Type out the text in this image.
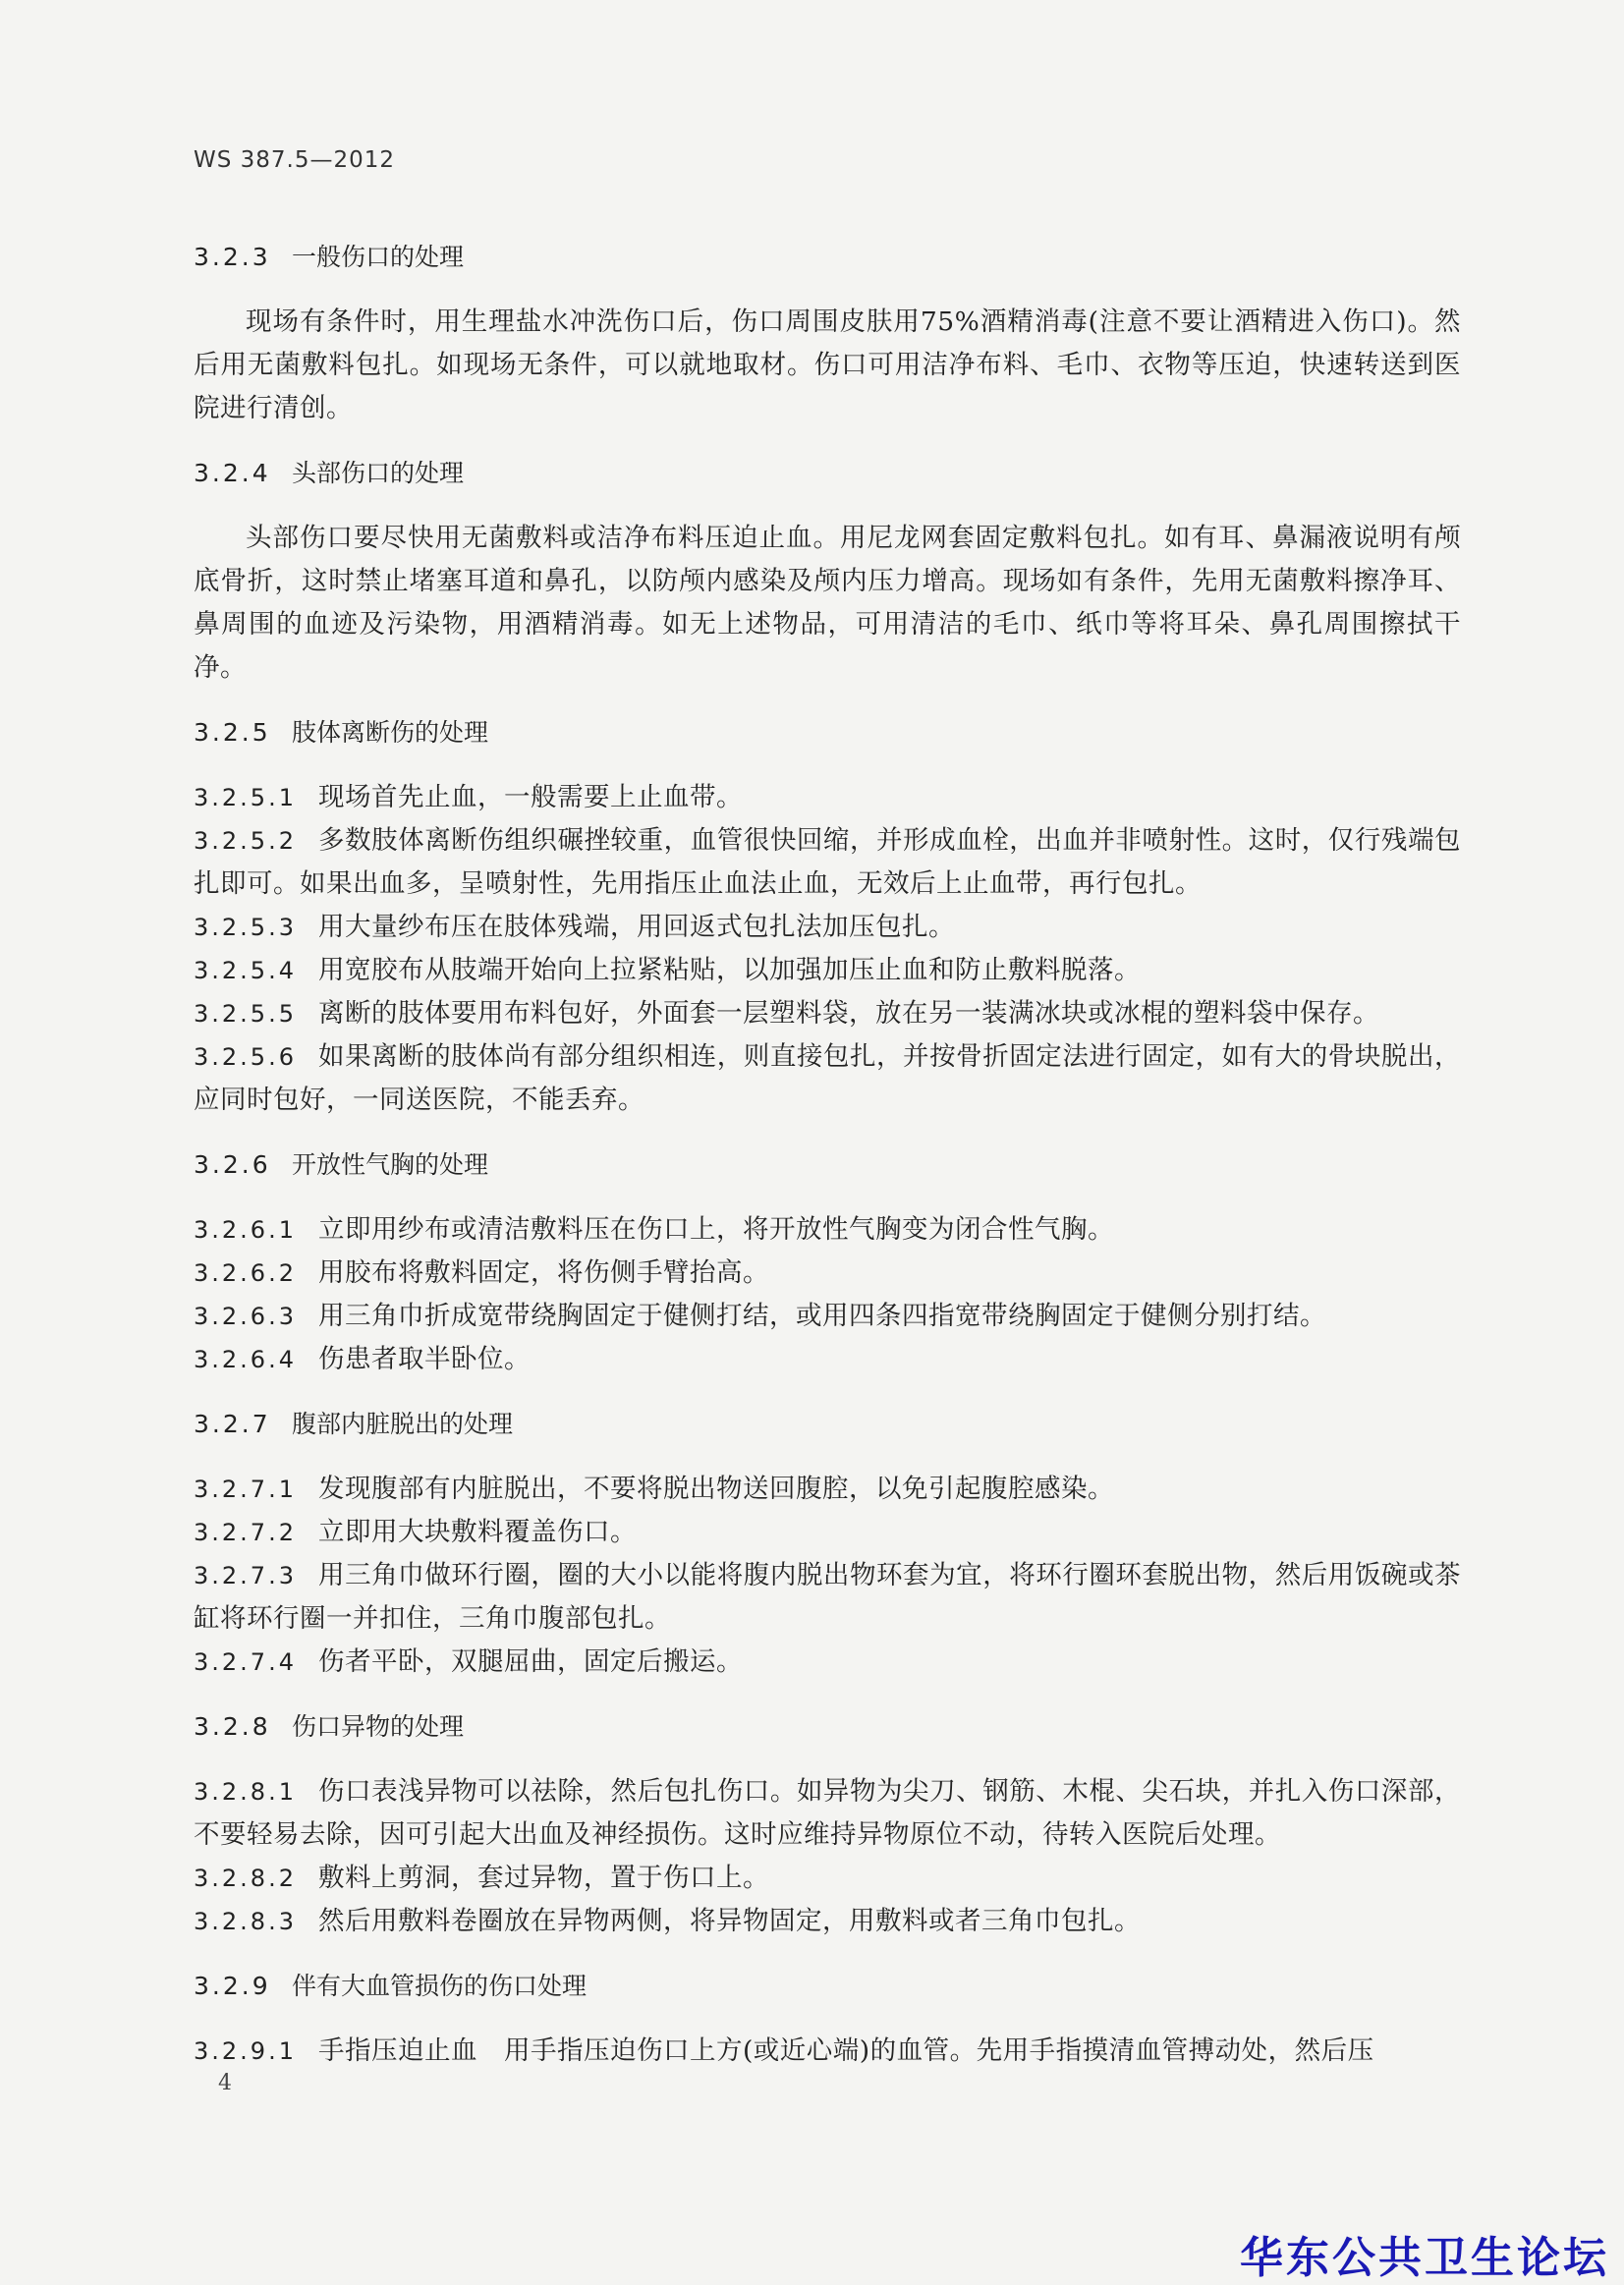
WS 387.5—2012
3.2.3 一般伤口的处理
现场有条件时，用生理盐水冲洗伤口后，伤口周围皮肤用75%酒精消毒(注意不要让酒精进入伤口)。然后用无菌敷料包扎。如现场无条件，可以就地取材。伤口可用洁净布料、毛巾、衣物等压迫，快速转送到医院进行清创。
3.2.4 头部伤口的处理
头部伤口要尽快用无菌敷料或洁净布料压迫止血。用尼龙网套固定敷料包扎。如有耳、鼻漏液说明有颅底骨折，这时禁止堵塞耳道和鼻孔，以防颅内感染及颅内压力增高。现场如有条件，先用无菌敷料擦净耳、鼻周围的血迹及污染物，用酒精消毒。如无上述物品，可用清洁的毛巾、纸巾等将耳朵、鼻孔周围擦拭干净。
3.2.5 肢体离断伤的处理
3.2.5.1 现场首先止血，一般需要上止血带。
3.2.5.2 多数肢体离断伤组织碾挫较重，血管很快回缩，并形成血栓，出血并非喷射性。这时，仅行残端包扎即可。如果出血多，呈喷射性，先用指压止血法止血，无效后上止血带，再行包扎。
3.2.5.3 用大量纱布压在肢体残端，用回返式包扎法加压包扎。
3.2.5.4 用宽胶布从肢端开始向上拉紧粘贴，以加强加压止血和防止敷料脱落。
3.2.5.5 离断的肢体要用布料包好，外面套一层塑料袋，放在另一装满冰块或冰棍的塑料袋中保存。
3.2.5.6 如果离断的肢体尚有部分组织相连，则直接包扎，并按骨折固定法进行固定，如有大的骨块脱出，应同时包好，一同送医院，不能丢弃。
3.2.6 开放性气胸的处理
3.2.6.1 立即用纱布或清洁敷料压在伤口上，将开放性气胸变为闭合性气胸。
3.2.6.2 用胶布将敷料固定，将伤侧手臂抬高。
3.2.6.3 用三角巾折成宽带绕胸固定于健侧打结，或用四条四指宽带绕胸固定于健侧分别打结。
3.2.6.4 伤患者取半卧位。
3.2.7 腹部内脏脱出的处理
3.2.7.1 发现腹部有内脏脱出，不要将脱出物送回腹腔，以免引起腹腔感染。
3.2.7.2 立即用大块敷料覆盖伤口。
3.2.7.3 用三角巾做环行圈，圈的大小以能将腹内脱出物环套为宜，将环行圈环套脱出物，然后用饭碗或茶缸将环行圈一并扣住，三角巾腹部包扎。
3.2.7.4 伤者平卧，双腿屈曲，固定后搬运。
3.2.8 伤口异物的处理
3.2.8.1 伤口表浅异物可以祛除，然后包扎伤口。如异物为尖刀、钢筋、木棍、尖石块，并扎入伤口深部，不要轻易去除，因可引起大出血及神经损伤。这时应维持异物原位不动，待转入医院后处理。
3.2.8.2 敷料上剪洞，套过异物，置于伤口上。
3.2.8.3 然后用敷料卷圈放在异物两侧，将异物固定，用敷料或者三角巾包扎。
3.2.9 伴有大血管损伤的伤口处理
3.2.9.1 手指压迫止血　用手指压迫伤口上方(或近心端)的血管。先用手指摸清血管搏动处，然后压
4
华东公共卫生论坛
